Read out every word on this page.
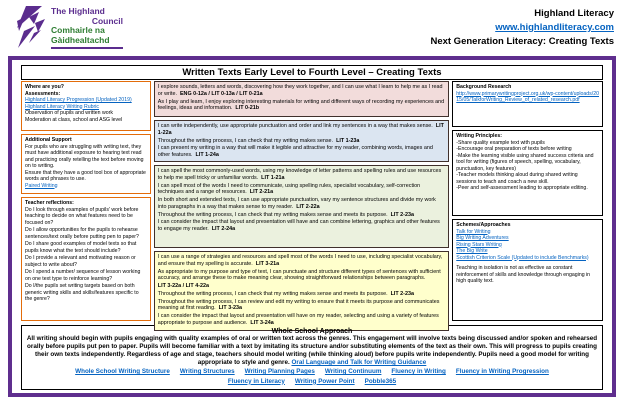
The Highland
Council
Comhairle na
Gàidhealtachd
Highland Literacy
www.highlandliteracy.com
Next Generation Literacy: Creating Texts
Written Texts Early Level to Fourth Level – Creating Texts
Where are you?
Assessments:
Highland Literacy Progression (Updated 2019)
Highland Literacy Writing Rubric
Observation of pupils and written work
Moderation at class, school and ASG level
Additional Support
For pupils who are struggling with writing text, they must have additional exposure to hearing text read and practicing orally retelling the text before moving on to writing.
Ensure that they have a good tool box of appropriate words and phrases to use.
Paired Writing
Teacher reflections:
Do I look through examples of pupils' work before teaching to decide on what features need to be focused on?
Do I allow opportunities for the pupils to rehearse sentences/text orally before putting pen to paper?
Do I share good examples of model texts so that pupils know what the text should include?
Do I provide a relevant and motivating reason or subject to write about?
Do I spend a number/ sequence of lesson working on one text type to reinforce learning?
Do I/the pupils set writing targets based on both generic writing skills and skills/features specific to the genre?
I explore sounds, letters and words, discovering how they work together, and I can use what I learn to help me as I read or write. ENG 0-12a / LIT 0-13a / LIT 0-21a
As I play and learn, I enjoy exploring interesting materials for writing and different ways of recording my experiences and feelings, ideas and information. LIT 0-21b
I can write independently, use appropriate punctuation and order and link my sentences in a way that makes sense. LIT 1-22a
Throughout the writing process, I can check that my writing makes sense. LIT 1-23a
I can present my writing in a way that will make it legible and attractive for my reader, combining words, images and other features. LIT 1-24a
I can spell the most commonly-used words, using my knowledge of letter patterns and spelling rules and use resources to help me spell tricky or unfamiliar words. LIT 1-21a
I can spell most of the words I need to communicate, using spelling rules, specialist vocabulary, self-correction techniques and a range of resources. LIT 2-21a
In both short and extended texts, I can use appropriate punctuation, vary my sentence structures and divide my work into paragraphs in a way that makes sense to my reader. LIT 2-22a
Throughout the writing process, I can check that my writing makes sense and meets its purpose. LIT 2-23a
I can consider the impact that layout and presentation will have and can combine lettering, graphics and other features to engage my reader. LIT 2-24a
I can use a range of strategies and resources and spell most of the words I need to use, including specialist vocabulary, and ensure that my spelling is accurate. LIT 3-21a
As appropriate to my purpose and type of text, I can punctuate and structure different types of sentences with sufficient accuracy, and arrange these to make meaning clear, showing straightforward relationships between paragraphs.
LIT 3-22a / LIT 4-22a
Throughout the writing process, I can check that my writing makes sense and meets its purpose. LIT 2-23a
Throughout the writing process, I can review and edit my writing to ensure that it meets its purpose and communicates meaning at first reading. LIT 3-23a
I can consider the impact that layout and presentation will have on my reader, selecting and using a variety of features appropriate to purpose and audience. LIT 3-24a
Background Research
http://www.primarywritingproject.org.uk/wp-content/uploads/2015/05/TalkforWriting_Review_of_related_research.pdf
Writing Principles:
-Share quality example text with pupils
-Encourage oral preparation of texts before writing
-Make the learning visible using shared success criteria and tool for writing (figures of speech, spelling, vocabulary, punctuation, key features)
-Teacher models thinking aloud during shared writing sessions to teach and coach a new skill.
-Peer and self-assessment leading to appropriate editing.
Schemes/Approaches
Talk for Writing
Big Writing Adventures
Rising Stars Writing
The Big Write
Scottish Criterion Scale (Updated to include Benchmarks)
Teaching in isolation is not as effective as constant reinforcement of skills and knowledge through engaging in high quality text.
Whole School Approach
All writing should begin with pupils engaging with quality examples of oral or written text across the genres. This engagement will involve texts being discussed and/or spoken and rehearsed orally before pupils put pen to paper. Pupils will become familiar with a text by imitating its structure and/or substituting elements of the text as their own. This will progress to pupils creating their own texts independently. Regardless of age and stage, teachers should model writing (while thinking aloud) before pupils write independently. Pupils need a good model for writing appropriate to style and genre. Oral Language and Talk for Writing Guidance
Whole School Writing Structure Writing Structures Writing Planning Pages Writing Continuum Fluency in Writing Fluency in Writing Progression
Fluency in Literacy Writing Power Point Pobble365
